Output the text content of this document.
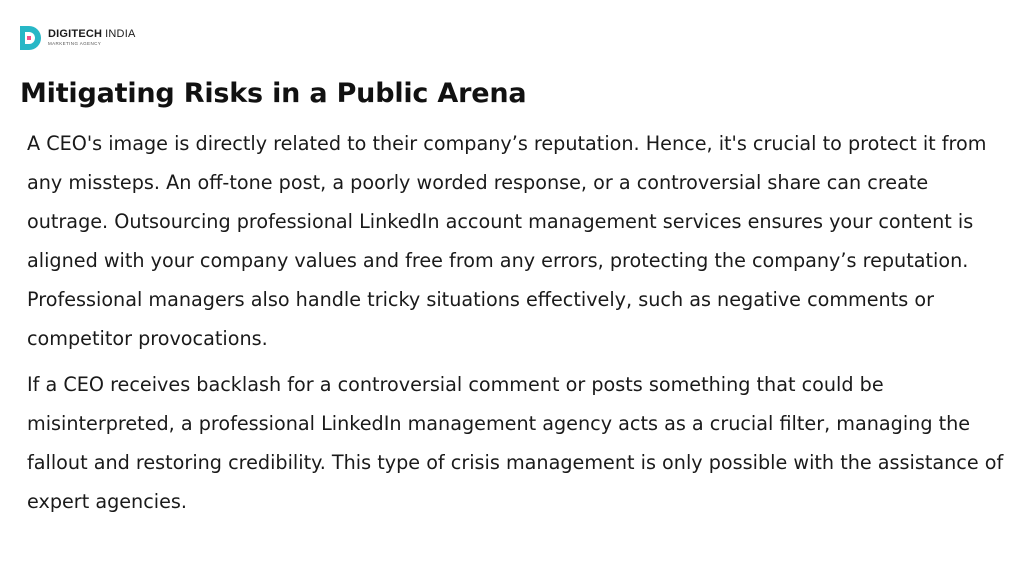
DIGITECH INDIA
MARKETING AGENCY
Mitigating Risks in a Public Arena

A CEO's image is directly related to their company’s reputation. Hence, it's crucial to protect it from any missteps. An off-tone post, a poorly worded response, or a controversial share can create outrage. Outsourcing professional LinkedIn account management services ensures your content is aligned with your company values and free from any errors, protecting the company’s reputation. Professional managers also handle tricky situations effectively, such as negative comments or competitor provocations.

If a CEO receives backlash for a controversial comment or posts something that could be misinterpreted, a professional LinkedIn management agency acts as a crucial filter, managing the fallout and restoring credibility. This type of crisis management is only possible with the assistance of expert agencies.
